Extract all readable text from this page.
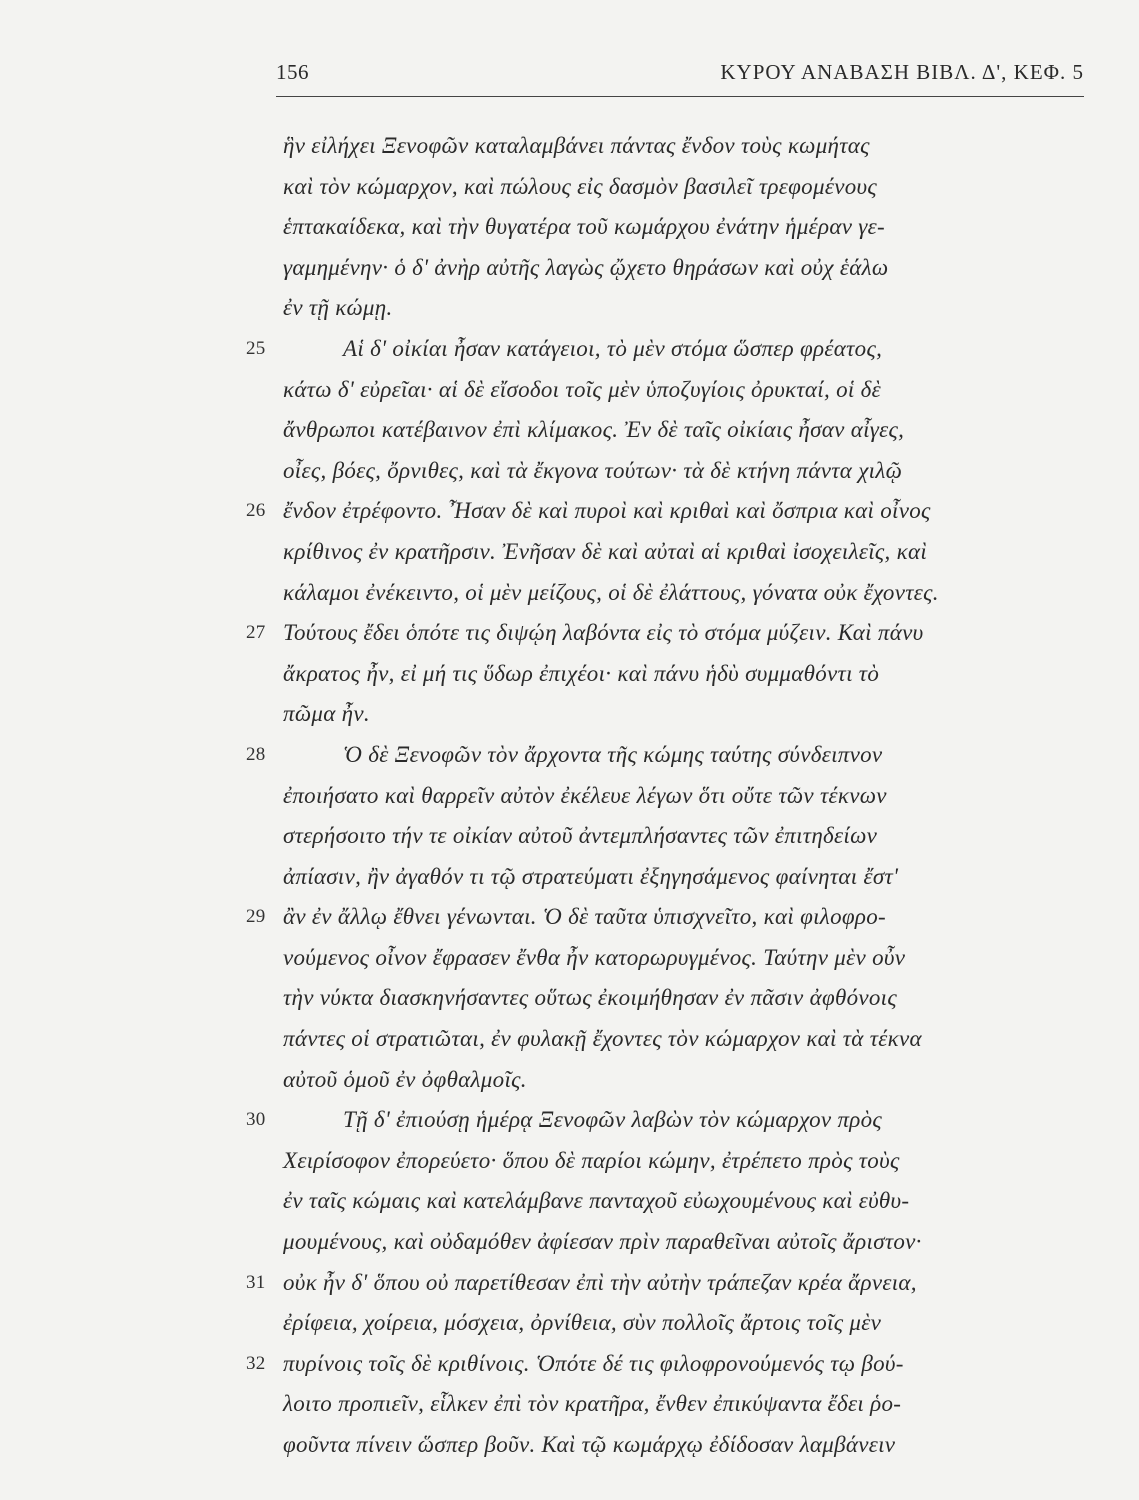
156	ΚΥΡΟΥ ΑΝΑΒΑΣΗ ΒΙΒΛ. Δ', ΚΕΦ. 5
ἣν εἰλήχει Ξενοφῶν καταλαμβάνει πάντας ἔνδον τοὺς κωμήτας
καὶ τὸν κώμαρχον, καὶ πώλους εἰς δασμὸν βασιλεῖ τρεφομένους
ἑπτακαίδεκα, καὶ τὴν θυγατέρα τοῦ κωμάρχου ἐνάτην ἡμέραν γε-
γαμημένην· ὁ δ' ἀνὴρ αὐτῆς λαγὼς ᾤχετο θηράσων καὶ οὐχ ἑάλω
ἐν τῇ κώμῃ.
25	Αἱ δ' οἰκίαι ἦσαν κατάγειοι, τὸ μὲν στόμα ὥσπερ φρέατος,
κάτω δ' εὐρεῖαι· αἱ δὲ εἴσοδοι τοῖς μὲν ὑποζυγίοις ὀρυκταί, οἱ δὲ
ἄνθρωποι κατέβαινον ἐπὶ κλίμακος. Ἐν δὲ ταῖς οἰκίαις ἦσαν αἶγες,
οἶες, βόες, ὄρνιθες, καὶ τὰ ἔκγονα τούτων· τὰ δὲ κτήνη πάντα χιλῷ
26 ἔνδον ἐτρέφοντο. Ἦσαν δὲ καὶ πυροὶ καὶ κριθαὶ καὶ ὄσπρια καὶ οἶνος
κρίθινος ἐν κρατῆρσιν. Ἐνῆσαν δὲ καὶ αὐταὶ αἱ κριθαὶ ἰσοχειλεῖς, καὶ
κάλαμοι ἐνέκειντο, οἱ μὲν μείζους, οἱ δὲ ἐλάττους, γόνατα οὐκ ἔχοντες.
27 Τούτους ἔδει ὁπότε τις διψῴη λαβόντα εἰς τὸ στόμα μύζειν. Καὶ πάνυ
ἄκρατος ἦν, εἰ μή τις ὕδωρ ἐπιχέοι· καὶ πάνυ ἡδὺ συμμαθόντι τὸ
πῶμα ἦν.
28	Ὁ δὲ Ξενοφῶν τὸν ἄρχοντα τῆς κώμης ταύτης σύνδειπνον
ἐποιήσατο καὶ θαρρεῖν αὐτὸν ἐκέλευε λέγων ὅτι οὔτε τῶν τέκνων
στερήσοιτο τήν τε οἰκίαν αὐτοῦ ἀντεμπλήσαντες τῶν ἐπιτηδείων
ἀπίασιν, ἢν ἀγαθόν τι τῷ στρατεύματι ἐξηγησάμενος φαίνηται ἔστ'
29 ἂν ἐν ἄλλῳ ἔθνει γένωνται. Ὁ δὲ ταῦτα ὑπισχνεῖτο, καὶ φιλοφρο-
νούμενος οἶνον ἔφρασεν ἔνθα ἦν κατορωρυγμένος. Ταύτην μὲν οὖν
τὴν νύκτα διασκηνήσαντες οὕτως ἐκοιμήθησαν ἐν πᾶσιν ἀφθόνοις
πάντες οἱ στρατιῶται, ἐν φυλακῇ ἔχοντες τὸν κώμαρχον καὶ τὰ τέκνα
αὐτοῦ ὁμοῦ ἐν ὀφθαλμοῖς.
30	Τῇ δ' ἐπιούσῃ ἡμέρᾳ Ξενοφῶν λαβὼν τὸν κώμαρχον πρὸς
Χειρίσοφον ἐπορεύετο· ὅπου δὲ παρίοι κώμην, ἐτρέπετο πρὸς τοὺς
ἐν ταῖς κώμαις καὶ κατελάμβανε πανταχοῦ εὐωχουμένους καὶ εὐθυ-
μουμένους, καὶ οὐδαμόθεν ἀφίεσαν πρὶν παραθεῖναι αὐτοῖς ἄριστον·
31 οὐκ ἦν δ' ὅπου οὐ παρετίθεσαν ἐπὶ τὴν αὐτὴν τράπεζαν κρέα ἄρνεια,
ἐρίφεια, χοίρεια, μόσχεια, ὀρνίθεια, σὺν πολλοῖς ἄρτοις τοῖς μὲν
32 πυρίνοις τοῖς δὲ κριθίνοις. Ὁπότε δέ τις φιλοφρονούμενός τῳ βού-
λοιτο προπιεῖν, εἷλκεν ἐπὶ τὸν κρατῆρα, ἔνθεν ἐπικύψαντα ἔδει ῥο-
φοῦντα πίνειν ὥσπερ βοῦν. Καὶ τῷ κωμάρχῳ ἐδίδοσαν λαμβάνειν
